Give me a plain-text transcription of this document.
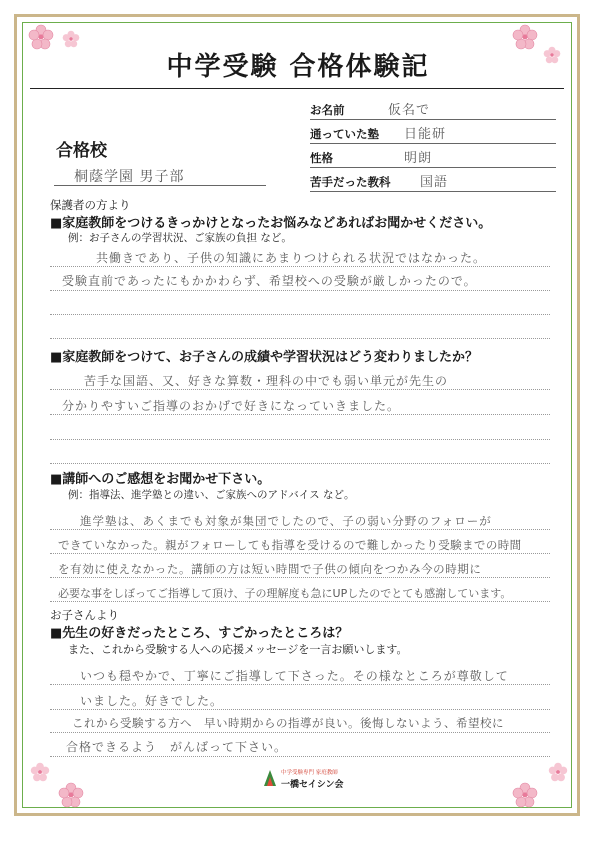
中学受験 合格体験記
お名前	仮名で
通っていた塾 日能研
性格	明朗
苦手だった教科 国語
合格校
桐蔭学園 男子部
保護者の方より
■家庭教師をつけるきっかけとなったお悩みなどあればお聞かせください。
例：お子さんの学習状況、ご家族の負担 など。
共働きであり、子供の知識にあまりつけられる状況ではなかった。
受験直前であったにもかかわらず、希望校への受験が厳しかったので。
■家庭教師をつけて、お子さんの成績や学習状況はどう変わりましたか？
苦手な国語、又、好きな算数・理科の中でも弱い単元が先生の
分かりやすいご指導のおかげで好きになっていきました。
■講師へのご感想をお聞かせ下さい。
例：指導法、進学塾との違い、ご家族へのアドバイス など。
進学塾は、あくまでも対象が集団でしたので、子の弱い分野のフォローが
できていなかった。親がフォローしても指導を受けるので難しかったり受験までの時間
を有効に使えなかった。講師の方は短い時間で子供の傾向をつかみ今の時期に
必要な事をしぼってご指導して頂け、子の理解度も急にUPしたのでとても感謝しています。
お子さんより
■先生の好きだったところ、すごかったところは？
また、これから受験する人への応援メッセージを一言お願いします。
いつも穏やかで、丁寧にご指導して下さった。その様なところが尊敬して
いました。好きでした。
これから受験する方へ　早い時期からの指導が良い。後悔しないよう、希望校に
合格できるよう　がんばって下さい。
中学受験専門 家庭教師
一橋セイシン会
